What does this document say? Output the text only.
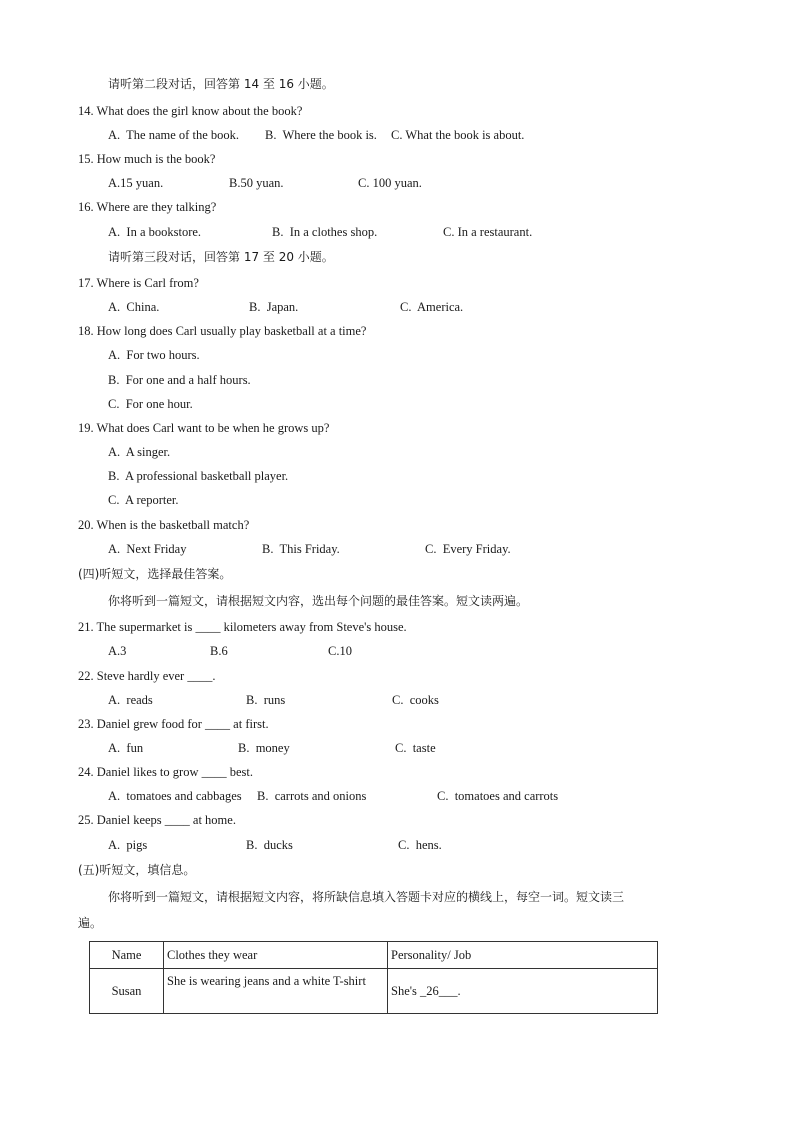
请听第二段对话，回答第 14 至 16 小题。
14. What does the girl know about the book?
A.  The name of the book. B.  Where the book is. C. What the book is about.
15. How much is the book?
A.15 yuan.	B.50 yuan.	C. 100 yuan.
16. Where are they talking?
A.  In a bookstore.	B.  In a clothes shop.	C. In a restaurant.
请听第三段对话，回答第 17 至 20 小题。
17. Where is Carl from?
A.  China.	B.  Japan.	C.  America.
18. How long does Carl usually play basketball at a time?
A.  For two hours.
B.  For one and a half hours.
C.  For one hour.
19. What does Carl want to be when he grows up?
A.  A singer.
B.  A professional basketball player.
C.  A reporter.
20. When is the basketball match?
A.  Next Friday	B.  This Friday.	C.  Every Friday.
(四)听短文，选择最佳答案。
你将听到一篇短文，请根据短文内容，选出每个问题的最佳答案。短文读两遍。
21. The supermarket is ____ kilometers away from Steve's house.
A.3	B.6	C.10
22. Steve hardly ever ____.
A.  reads	B.  runs	C.  cooks
23. Daniel grew food for ____ at first.
A.  fun	B.  money	C.  taste
24. Daniel likes to grow ____ best.
A.  tomatoes and cabbages B.  carrots and onions	C.  tomatoes and carrots
25. Daniel keeps ____ at home.
A.  pigs	B.  ducks	C.  hens.
(五)听短文，填信息。
你将听到一篇短文，请根据短文内容，将所缺信息填入答题卡对应的横线上，每空一词。短文读三
遍。
Name	Clothes they wear	Personality/ Job
Susan	She is wearing jeans and a white T-shirt	She's _26___.
